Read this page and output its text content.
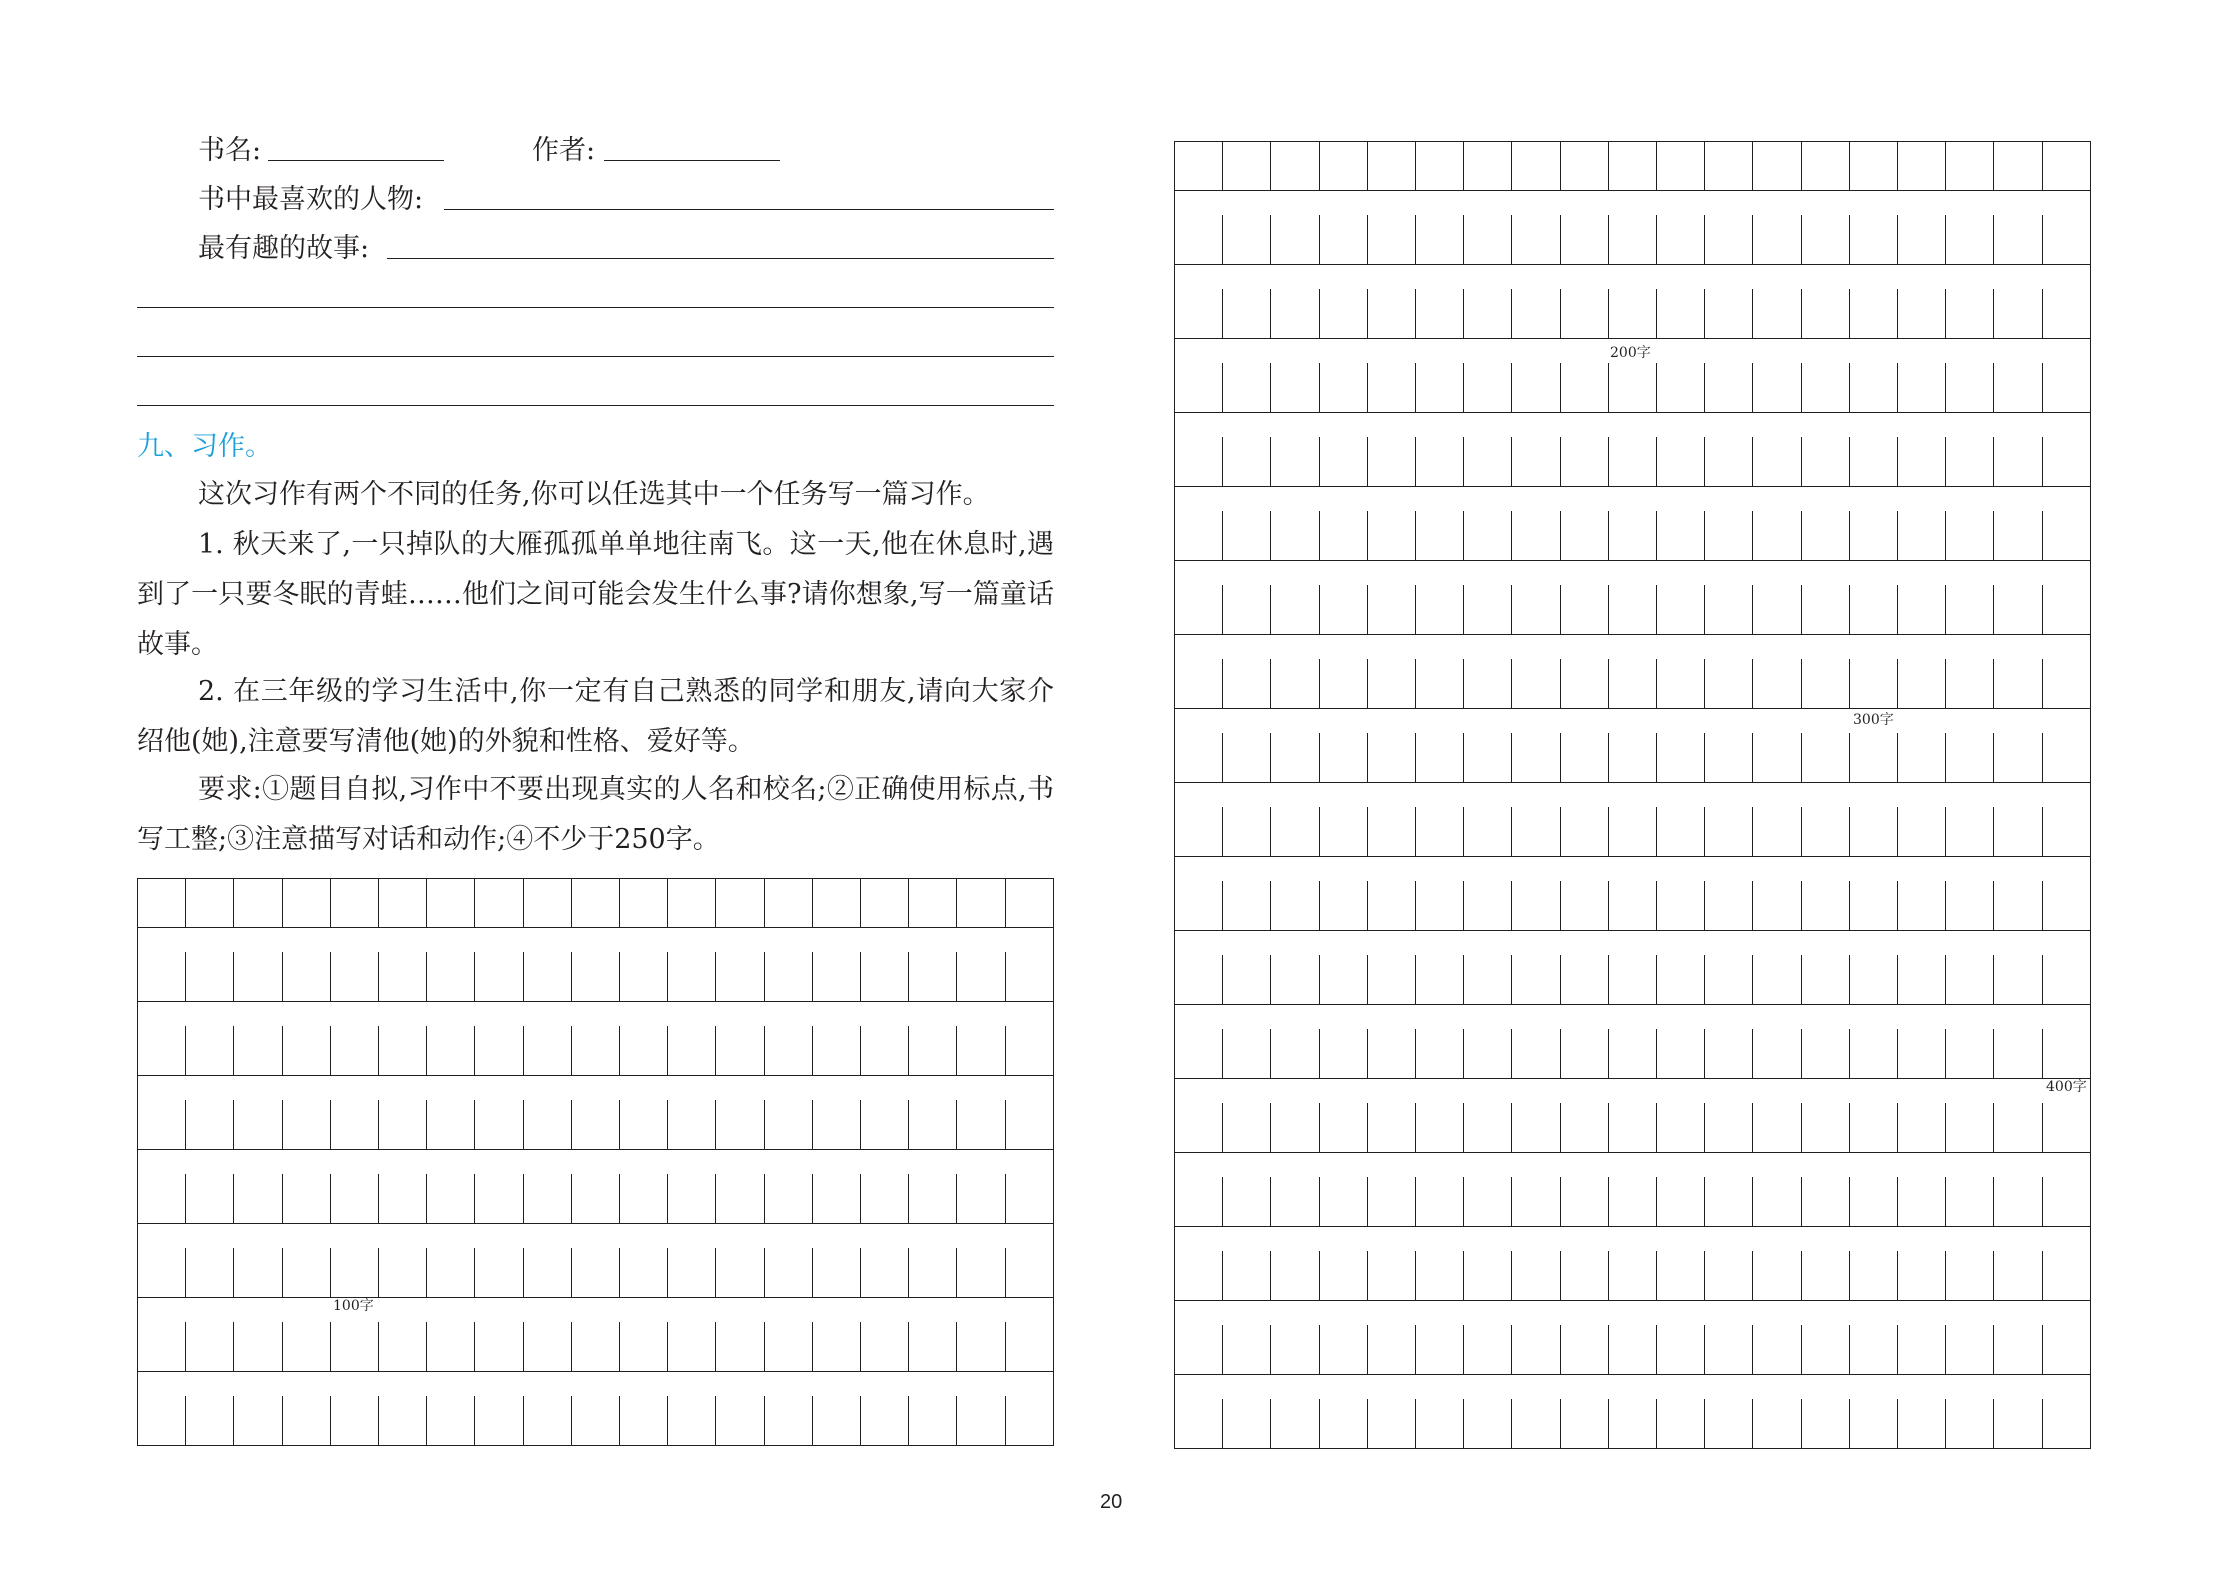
书名:	作者:
书中最喜欢的人物:
最有趣的故事:
九、习作。
这次习作有两个不同的任务,你可以任选其中一个任务写一篇习作。
1. 秋天来了,一只掉队的大雁孤孤单单地往南飞。这一天,他在休息时,遇到了一只要冬眠的青蛙……他们之间可能会发生什么事?请你想象,写一篇童话故事。
2. 在三年级的学习生活中,你一定有自己熟悉的同学和朋友,请向大家介绍他(她),注意要写清他(她)的外貌和性格、爱好等。
要求:①题目自拟,习作中不要出现真实的人名和校名;②正确使用标点,书写工整;③注意描写对话和动作;④不少于250字。
100字
200字
300字
400字
20
